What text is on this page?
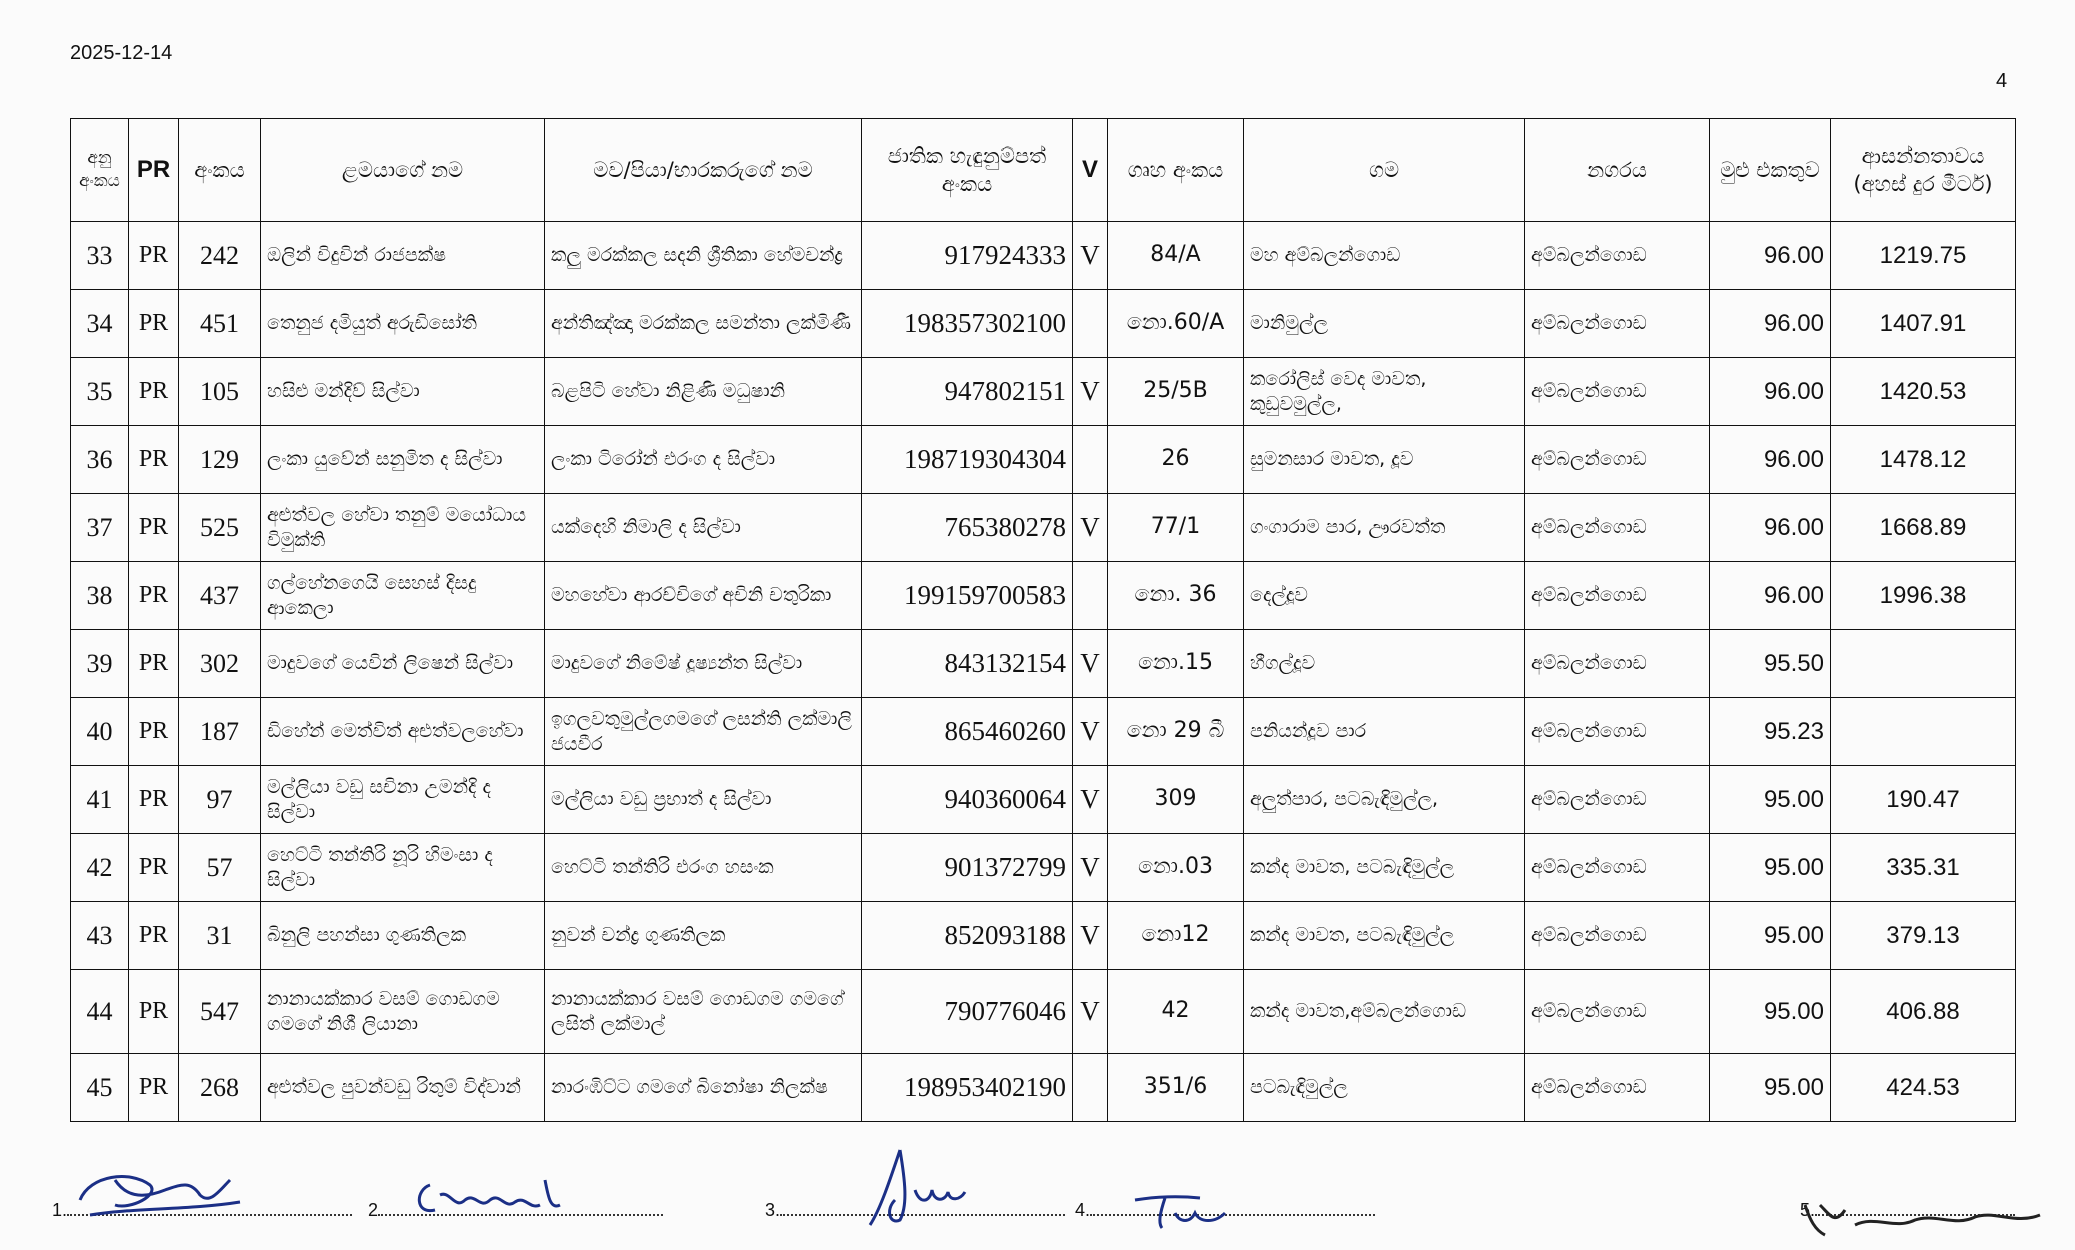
2025-12-14
4
අනු අංකය	PR	අංකය	ළමයාගේ නම	මව/පියා/භාරකරුගේ නම	ජාතික හැඳුනුම්පත් අංකය	V	ගෘහ අංකය	ගම	නගරය	මුළු එකතුව	ආසන්නතාවය (අහස් දුර මීටර්)
33	PR	242	ඔලින් විදුවින් රාජපක්ෂ	කලු මරක්කල සදනි ශ්‍රීතිකා හේමචන්ද්‍ර	917924333	V	84/A	මහ අම්බලන්ගොඩ	අම්බලන්ගොඩ	96.00	1219.75
34	PR	451	තෙනුජ දමියුත් අරුඩිසෝති	අන්තිඤ්ඤා මරක්කල සමන්තා ලක්මිණී	198357302100		නො.60/A	මානිමුල්ල	අම්බලන්ගොඩ	96.00	1407.91
35	PR	105	හසිළු මන්දිව් සිල්වා	බළපිටි හේවා නිළිණි මධුෂානි	947802151	V	25/5B	කරෝලිස් වෙද මාවත, කුඩුවමුල්ල,	අම්බලන්ගොඩ	96.00	1420.53
36	PR	129	ලංකා යුවේන් සනුමිත ද සිල්වා	ලංකා ටිරෝන් එරංග ද සිල්වා	198719304304		26	සුමනසාර මාවත, දූව	අම්බලන්ගොඩ	96.00	1478.12
37	PR	525	අළුත්වල හේවා තනුම් මයෝධාය විමුක්ති	යක්දෙහි නිමාලි ද සිල්වා	765380278	V	77/1	ගංගාරාම පාර, ඌරවත්ත	අම්බලන්ගොඩ	96.00	1668.89
38	PR	437	ගල්හේනගෙයි සෙහස් දිසදු ආකෙලා	මහහේවා ආරච්චිගේ අචිනි චතුරිකා	199159700583		නො. 36	දෙල්දූව	අම්බලන්ගොඩ	96.00	1996.38
39	PR	302	මාදුවගේ යෙවින් ලිෂෙන් සිල්වා	මාදුවගේ නිමේෂ් දූෂ්‍යන්ත සිල්වා	843132154	V	නො.15	හීගල්දූව	අම්බලන්ගොඩ	95.50	
40	PR	187	ඩිහේන් මෙත්විත් අළුත්වලහේවා	ඉගලවතුමුල්ලගමගේ ලසන්ති ලක්මාලි ජයවීර	865460260	V	නො 29 බී	පනියන්දූව පාර	අම්බලන්ගොඩ	95.23	
41	PR	97	මල්ලියා වඩු සචිනා උමන්දි ද සිල්වා	මල්ලියා වඩු ප්‍රභාත් ද සිල්වා	940360064	V	309	අලුත්පාර, පටබැඳිමුල්ල,	අම්බලන්ගොඩ	95.00	190.47
42	PR	57	හෙට්ටි තන්තිරි නූරි හිමංසා ද සිල්වා	හෙට්ටි තන්තිරි එරංග හසංක	901372799	V	නො.03	කන්ද මාවත, පටබැඳිමුල්ල	අම්බලන්ගොඩ	95.00	335.31
43	PR	31	බිනුලි පහන්සා ගුණතිලක	නුවන් චන්ද්‍ර ගුණතිලක	852093188	V	නො12	කන්ද මාවත, පටබැඳිමුල්ල	අම්බලන්ගොඩ	95.00	379.13
44	PR	547	නානායක්කාර වසම් ගොඩගම ගමගේ නිශී ලියානා	නානායක්කාර වසම් ගොඩගම ගමගේ ලසිත් ලක්මාල්	790776046	V	42	කන්ද මාවත,අම්බලන්ගොඩ	අම්බලන්ගොඩ	95.00	406.88
45	PR	268	අළුත්වල පුවන්වඩු රිතුම් විද්වාන්	නාරංඹිට්ට ගමගේ බිනෝෂා නිලක්ෂ	198953402190		351/6	පටබැඳිමුල්ල	අම්බලන්ගොඩ	95.00	424.53
1.	2	3.	4.	5.
